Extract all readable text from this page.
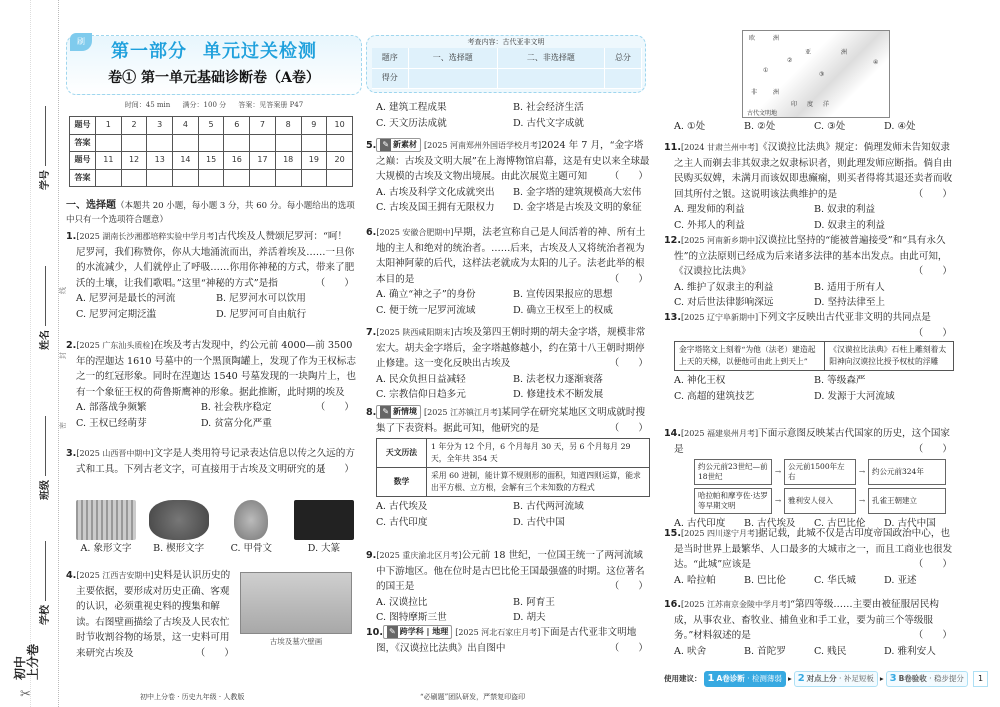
学号
姓名
班级
学校
线
封
密
初中
上分卷
✂
刷	第一部分 单元过关检测
卷① 第一单元基础诊断卷（A卷）
时间：45 min 满分：100 分 答案：见答案册 P47
题号	1	2	3	4	5	6	7	8	9	10
答案										
题号	11	12	13	14	15	16	17	18	19	20
答案										
考查内容：古代亚非文明
题序	一、选择题	二、非选择题	总分
得分			
一、选择题（本题共 20 小题，每小题 3 分，共 60 分。每小题给出的选项中只有一个选项符合题意）
1.[2025 湖南长沙湘郡培粹实验中学月考]古代埃及人赞颂尼罗河：“呵！尼罗河，我们称赞你，你从大地涌流而出，养活着埃及……一旦你的水流减少，人们就停止了呼吸……你用你神秘的方式，带来了肥沃的土壤，让我们歌唱。”这里“神秘的方式”是指	（　　）
A. 尼罗河是最长的河流	B. 尼罗河水可以饮用
C. 尼罗河定期泛滥	D. 尼罗河可自由航行
2.[2025 广东汕头质检]在埃及考古发现中，约公元前 4000—前 3500 年的涅迦达 1610 号墓中的一个黑顶陶罐上，发现了作为王权标志之一的红冠形象。同时在涅迦达 1540 号墓发现的一块陶片上，也有一个象征王权的荷鲁斯鹰神的形象。据此推断，此时期的埃及
（　　）
A. 部落战争频繁	B. 社会秩序稳定
C. 王权已经萌芽	D. 贫富分化严重
3.[2025 山西晋中期中]文字是人类用符号记录表达信息以传之久远的方式和工具。下列古老文字，可直接用于古埃及文明研究的是
（　　）
4.[2025 江西吉安期中]史料是认识历史的主要依据，要形成对历史正确、客观的认识，必须重视史料的搜集和解读。右图壁画描绘了古埃及人民农忙时节收割谷物的场景，这一史料可用来研究古埃及	（　　）
5. ✎ 新素材 [2025 河南郑州外国语学校月考]2024 年 7 月，“金字塔之巅：古埃及文明大展”在上海博物馆启幕，这是有史以来全球最大规模的古埃及文物出境展。由此次展览主题可知 （　　）
A. 古埃及科学文化成就突出	B. 金字塔的建筑规模高大宏伟
C. 古埃及国王拥有无限权力	D. 金字塔是古埃及文明的象征
6.[2025 安徽合肥期中]早期，法老宣称自己是人间活着的神、所有土地的主人和绝对的统治者。……后来，古埃及人又将统治者视为太阳神阿蒙的后代，这样法老就成为太阳的儿子。法老此举的根本目的是	（　　）
A. 确立“神之子”的身份	B. 宣传因果报应的思想
C. 便于统一尼罗河流域	D. 确立王权至上的权威
7.[2025 陕西咸阳期末]古埃及第四王朝时期的胡夫金字塔，规模非常宏大。胡夫金字塔后，金字塔越修越小，约在第十八王朝时期停止修建。这一变化反映出古埃及	（　　）
A. 民众负担日益减轻	B. 法老权力逐渐衰落
C. 宗教信仰日趋多元	D. 修建技术不断发展
8. ✎ 新情境 [2025 江苏镇江月考]某同学在研究某地区文明成就时搜集了下表资料。据此可知，他研究的是	（　　）
天文历法	1 年分为 12 个月，6 个月每月 30 天，另 6 个月每月 29 天，全年共 354 天
数学	采用 60 进制，能计算不规则形的面积，知道四则运算，能求出平方根、立方根，会解有三个未知数的方程式
A. 古代埃及	B. 古代两河流域
C. 古代印度	D. 古代中国
9.[2025 重庆渝北区月考]公元前 18 世纪，一位国王统一了两河流域中下游地区。他在位时是古巴比伦王国最强盛的时期。这位著名的国王是	（　　）
A. 汉谟拉比	B. 阿育王
C. 图特摩斯三世	D. 胡夫
10. ✎ 跨学科 | 地理 [2025 河北石家庄月考]下面是古代亚非文明地图，《汉谟拉比法典》出自图中	（　　）
11.[2024 甘肃兰州中考]《汉谟拉比法典》规定：倘理发师未告知奴隶之主人而剃去非其奴隶之奴隶标识者，则此理发师应断指。倘自由民购买奴婢，未满月而该奴即患癫痫，则买者得将其退还卖者而收回其所付之银。这说明该法典维护的是	（　　）
A. 理发师的利益	B. 奴隶的利益
C. 外邦人的利益	D. 奴隶主的利益
12.[2025 河南新乡期中]汉谟拉比坚持的“能被普遍接受”和“具有永久性”的立法原则已经成为后来诸多法律的基本出发点。由此可知，《汉谟拉比法典》	（　　）
A. 维护了奴隶主的利益	B. 适用于所有人
C. 对后世法律影响深远	D. 坚持法律至上
13.[2025 辽宁阜新期中]下列文字反映出古代亚非文明的共同点是
（　　）
金字塔铭文上刻着“为他（法老）建造起上天的天梯，以便他可由此上到天上”	《汉谟拉比法典》石柱上雕刻着太阳神向汉谟拉比授予权杖的浮雕
A. 神化王权	B. 等级森严
C. 高超的建筑技艺	D. 发源于大河流域
14.[2025 福建泉州月考]下面示意图反映某古代国家的历史，这个国家是	（　　）
约公元前23世纪—前18世纪
→
公元前1500年左右
→ 约公元前324年
哈拉帕和摩亨佐·达罗等早期文明
→ 雅利安人侵入	→ 孔雀王朝建立
A. 古代印度	B. 古代埃及	C. 古巴比伦	D. 古代中国
15.[2025 四川遂宁月考]据记载，此城不仅是古印度帝国政治中心，也是当时世界上最繁华、人口最多的大城市之一，而且工商业也很发达。“此城”应该是	（　　）
A. 哈拉帕	B. 巴比伦	C. 华氏城	D. 亚述
16.[2025 江苏南京金陵中学月考]“第四等级……主要由被征服居民构成，从事农业、畜牧业、捕鱼业和手工业，要为前三个等级服务。”材料叙述的是	（　　）
A. 吠舍	B. 首陀罗	C. 贱民	D. 雅利安人
A. 象形文字	B. 楔形文字	C. 甲骨文	D. 大篆
古埃及墓穴壁画
A. 建筑工程成果	B. 社会经济生活
C. 天文历法成就	D. 古代文字成就
欧	洲
亚	洲
非	洲
印 度 洋
①
②
③
④
古代文明地
A. ①处	B. ②处	C. ③处	D. ④处
初中上分卷 · 历史九年级 · 人教版	“必刷题”团队研发，严禁复印盗印
使用建议： 1 A卷诊断 · 检测薄弱 ▸ 2 对点上分 · 补足短板 ▸ 3 B卷验收 · 稳步提分	1
